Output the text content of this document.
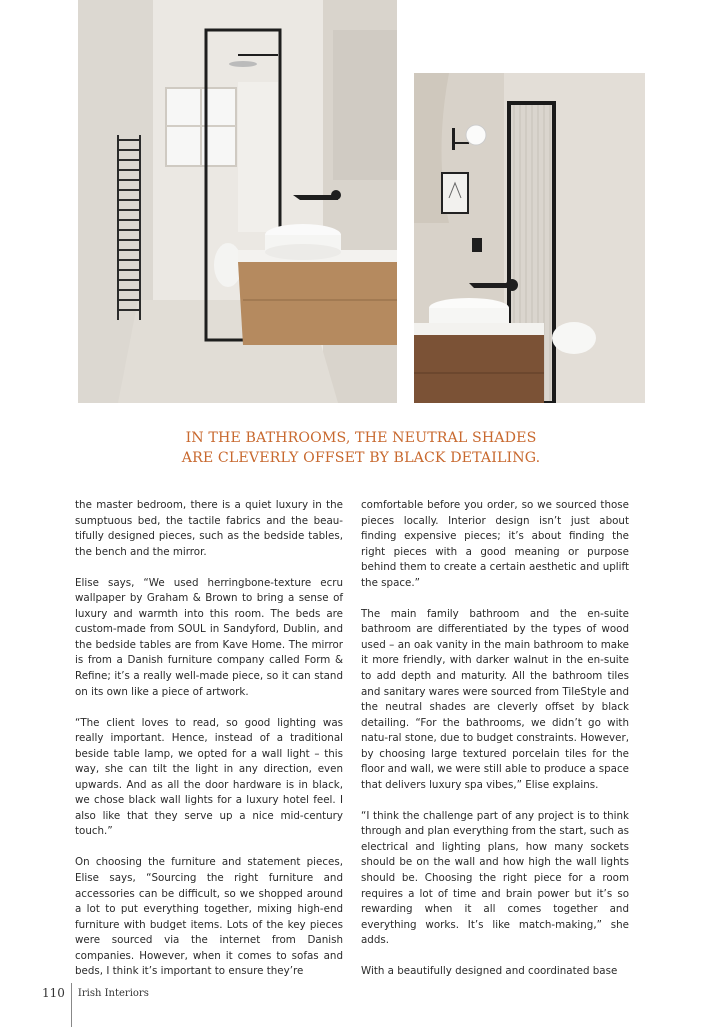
IN THE BATHROOMS, THE NEUTRAL SHADES
ARE CLEVERLY OFFSET BY BLACK DETAILING.

the master bedroom, there is a quiet luxury in the sumptuous bed, the tactile fabrics and the beau-tifully designed pieces, such as the bedside tables, the bench and the mirror.

Elise says, “We used herringbone-texture ecru wallpaper by Graham & Brown to bring a sense of luxury and warmth into this room. The beds are custom-made from SOUL in Sandyford, Dublin, and the bedside tables are from Kave Home. The mirror is from a Danish furniture company called Form & Refine; it’s a really well-made piece, so it can stand on its own like a piece of artwork.

“The client loves to read, so good lighting was really important. Hence, instead of a traditional beside table lamp, we opted for a wall light – this way, she can tilt the light in any direction, even upwards. And as all the door hardware is in black, we chose black wall lights for a luxury hotel feel. I also like that they serve up a nice mid-century touch.”

On choosing the furniture and statement pieces, Elise says, “Sourcing the right furniture and accessories can be difficult, so we shopped around a lot to put everything together, mixing high-end furniture with budget items. Lots of the key pieces were sourced via the internet from Danish companies. However, when it comes to sofas and beds, I think it’s important to ensure they’re

comfortable before you order, so we sourced those pieces locally. Interior design isn’t just about finding expensive pieces; it’s about finding the right pieces with a good meaning or purpose behind them to create a certain aesthetic and uplift the space.”

The main family bathroom and the en-suite bathroom are differentiated by the types of wood used – an oak vanity in the main bathroom to make it more friendly, with darker walnut in the en-suite to add depth and maturity. All the bathroom tiles and sanitary wares were sourced from TileStyle and the neutral shades are cleverly offset by black detailing. “For the bathrooms, we didn’t go with natu-ral stone, due to budget constraints. However, by choosing large textured porcelain tiles for the floor and wall, we were still able to produce a space that delivers luxury spa vibes,” Elise explains.

“I think the challenge part of any project is to think through and plan everything from the start, such as electrical and lighting plans, how many sockets should be on the wall and how high the wall lights should be. Choosing the right piece for a room requires a lot of time and brain power but it’s so rewarding when it all comes together and everything works. It’s like match-making,” she adds.

With a beautifully designed and coordinated base

110 Irish Interiors
